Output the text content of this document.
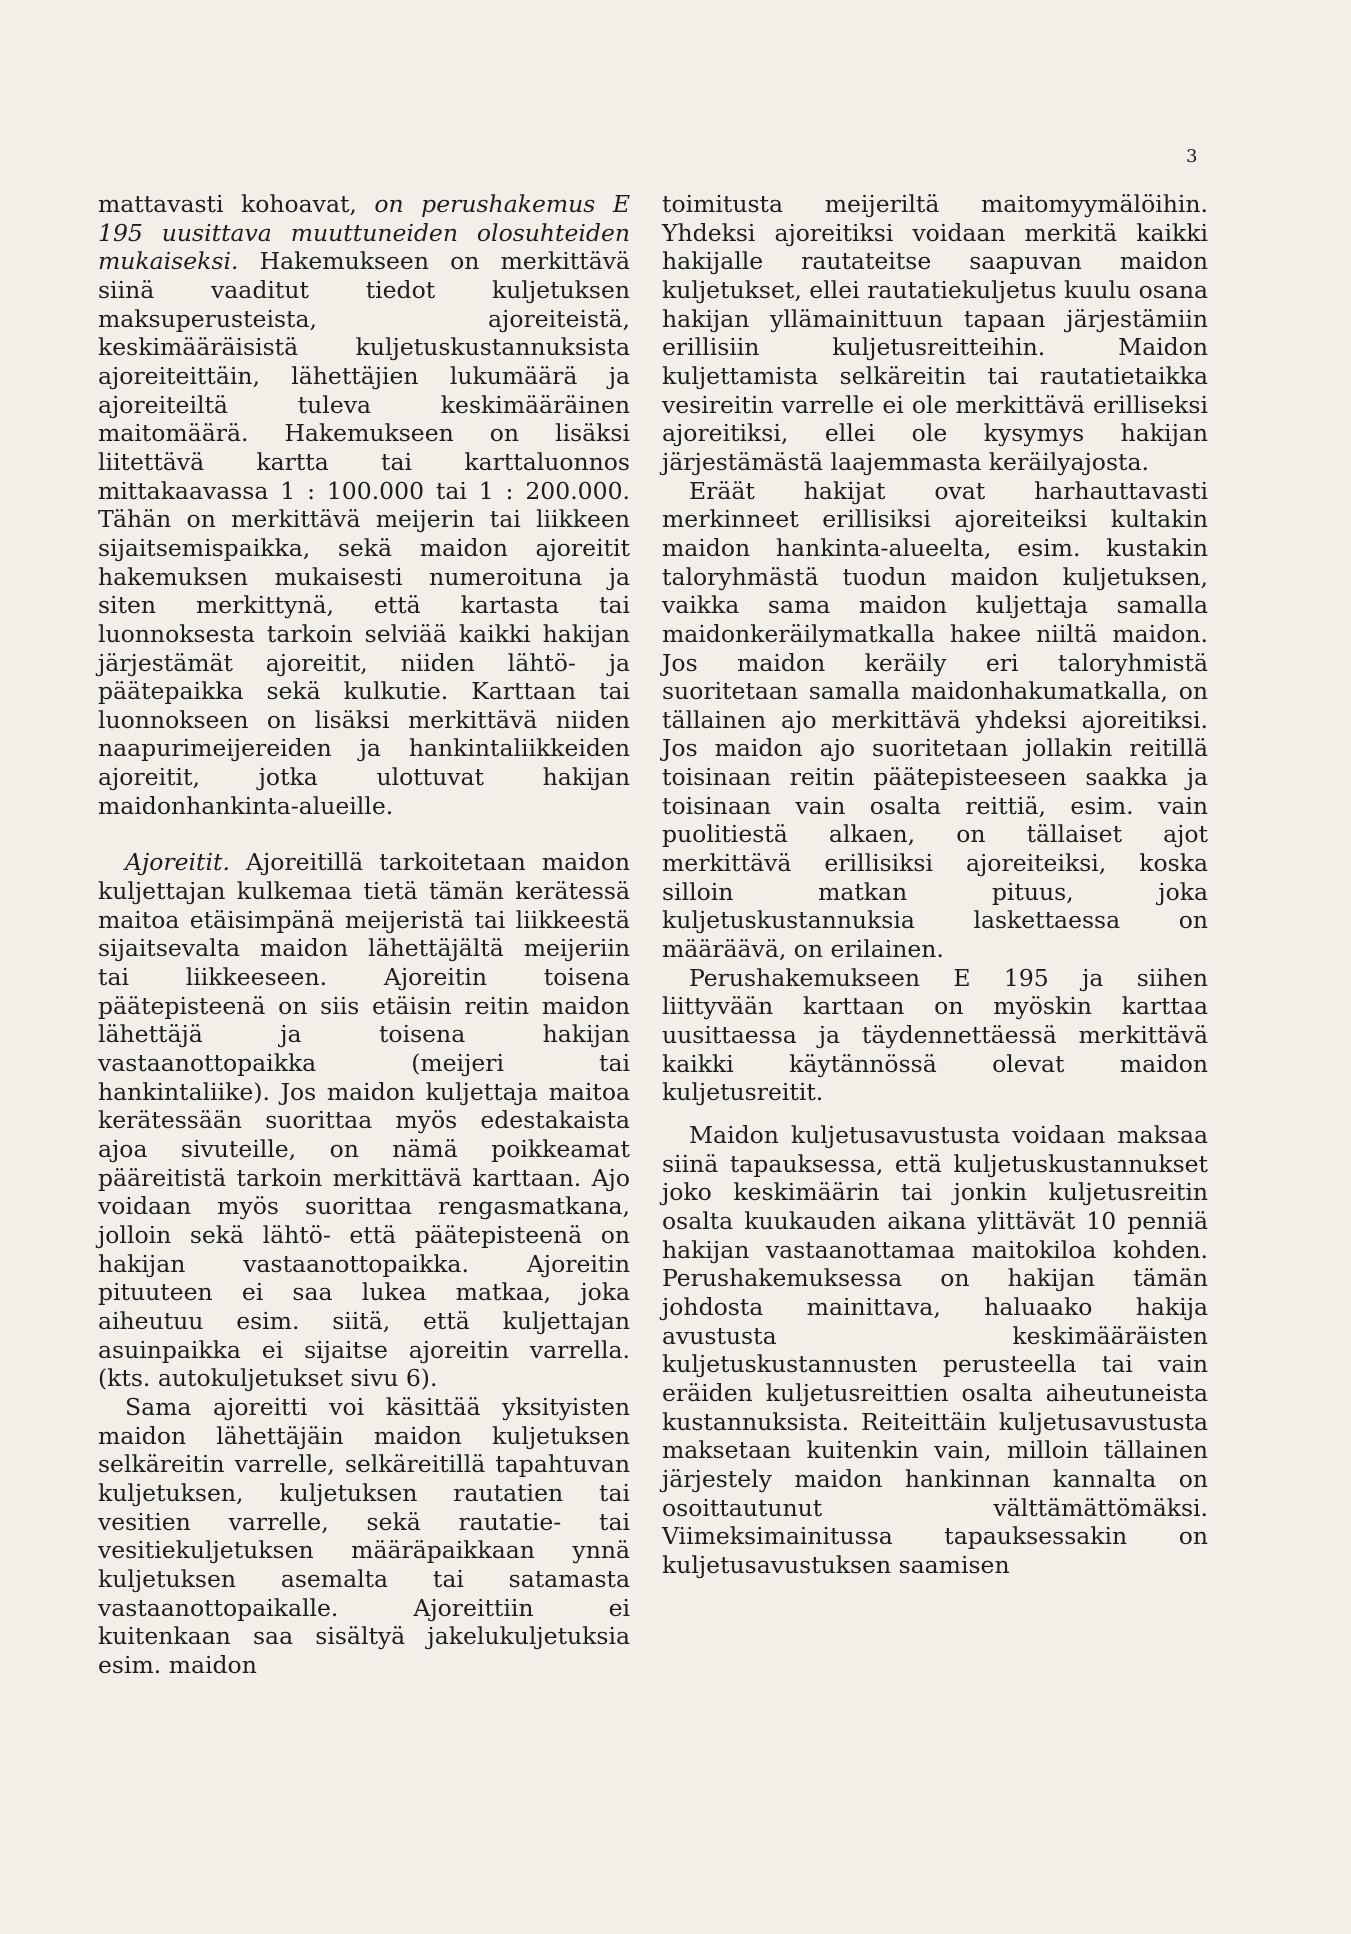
3

mattavasti kohoavat, on perushakemus E 195 uusittava muuttuneiden olosuhteiden mukaiseksi. Hakemukseen on merkittävä siinä vaaditut tiedot kuljetuksen maksuperusteista, ajoreiteistä, keskimääräisistä kuljetuskustannuksista ajoreiteittäin, lähettäjien lukumäärä ja ajoreiteiltä tuleva keskimääräinen maitomäärä. Hakemukseen on lisäksi liitettävä kartta tai karttaluonnos mittakaavassa 1 : 100.000 tai 1 : 200.000. Tähän on merkittävä meijerin tai liikkeen sijaitsemispaikka, sekä maidon ajoreitit hakemuksen mukaisesti numeroituna ja siten merkittynä, että kartasta tai luonnoksesta tarkoin selviää kaikki hakijan järjestämät ajoreitit, niiden lähtö- ja päätepaikka sekä kulkutie. Karttaan tai luonnokseen on lisäksi merkittävä niiden naapurimeijereiden ja hankintaliikkeiden ajoreitit, jotka ulottuvat hakijan maidonhankinta-alueille.

Ajoreitit. Ajoreitillä tarkoitetaan maidon kuljettajan kulkemaa tietä tämän kerätessä maitoa etäisimpänä meijeristä tai liikkeestä sijaitsevalta maidon lähettäjältä meijeriin tai liikkeeseen. Ajoreitin toisena päätepisteenä on siis etäisin reitin maidon lähettäjä ja toisena hakijan vastaanottopaikka (meijeri tai hankintaliike). Jos maidon kuljettaja maitoa kerätessään suorittaa myös edestakaista ajoa sivuteille, on nämä poikkeamat pääreitistä tarkoin merkittävä karttaan. Ajo voidaan myös suorittaa rengasmatkana, jolloin sekä lähtö- että päätepisteenä on hakijan vastaanottopaikka. Ajoreitin pituuteen ei saa lukea matkaa, joka aiheutuu esim. siitä, että kuljettajan asuinpaikka ei sijaitse ajoreitin varrella. (kts. autokuljetukset sivu 6).

Sama ajoreitti voi käsittää yksityisten maidon lähettäjäin maidon kuljetuksen selkäreitin varrelle, selkäreitillä tapahtuvan kuljetuksen, kuljetuksen rautatien tai vesitien varrelle, sekä rautatie- tai vesitiekuljetuksen määräpaikkaan ynnä kuljetuksen asemalta tai satamasta vastaanottopaikalle. Ajoreittiin ei kuitenkaan saa sisältyä jakelukuljetuksia esim. maidon

toimitusta meijeriltä maitomyymälöihin. Yhdeksi ajoreitiksi voidaan merkitä kaikki hakijalle rautateitse saapuvan maidon kuljetukset, ellei rautatiekuljetus kuulu osana hakijan yllämainittuun tapaan järjestämiin erillisiin kuljetusreitteihin. Maidon kuljettamista selkäreitin tai rautatietaikka vesireitin varrelle ei ole merkittävä erilliseksi ajoreitiksi, ellei ole kysymys hakijan järjestämästä laajemmasta keräilyajosta.

Eräät hakijat ovat harhauttavasti merkinneet erillisiksi ajoreiteiksi kultakin maidon hankinta-alueelta, esim. kustakin taloryhmästä tuodun maidon kuljetuksen, vaikka sama maidon kuljettaja samalla maidonkeräilymatkalla hakee niiltä maidon. Jos maidon keräily eri taloryhmistä suoritetaan samalla maidonhakumatkalla, on tällainen ajo merkittävä yhdeksi ajoreitiksi. Jos maidon ajo suoritetaan jollakin reitillä toisinaan reitin päätepisteeseen saakka ja toisinaan vain osalta reittiä, esim. vain puolitiestä alkaen, on tällaiset ajot merkittävä erillisiksi ajoreiteiksi, koska silloin matkan pituus, joka kuljetuskustannuksia laskettaessa on määräävä, on erilainen.

Perushakemukseen E 195 ja siihen liittyvään karttaan on myöskin karttaa uusittaessa ja täydennettäessä merkittävä kaikki käytännössä olevat maidon kuljetusreitit.

Maidon kuljetusavustusta voidaan maksaa siinä tapauksessa, että kuljetuskustannukset joko keskimäärin tai jonkin kuljetusreitin osalta kuukauden aikana ylittävät 10 penniä hakijan vastaanottamaa maitokiloa kohden. Perushakemuksessa on hakijan tämän johdosta mainittava, haluaako hakija avustusta keskimääräisten kuljetuskustannusten perusteella tai vain eräiden kuljetusreittien osalta aiheutuneista kustannuksista. Reiteittäin kuljetusavustusta maksetaan kuitenkin vain, milloin tällainen järjestely maidon hankinnan kannalta on osoittautunut välttämättömäksi. Viimeksimainitussa tapauksessakin on kuljetusavustuksen saamisen
